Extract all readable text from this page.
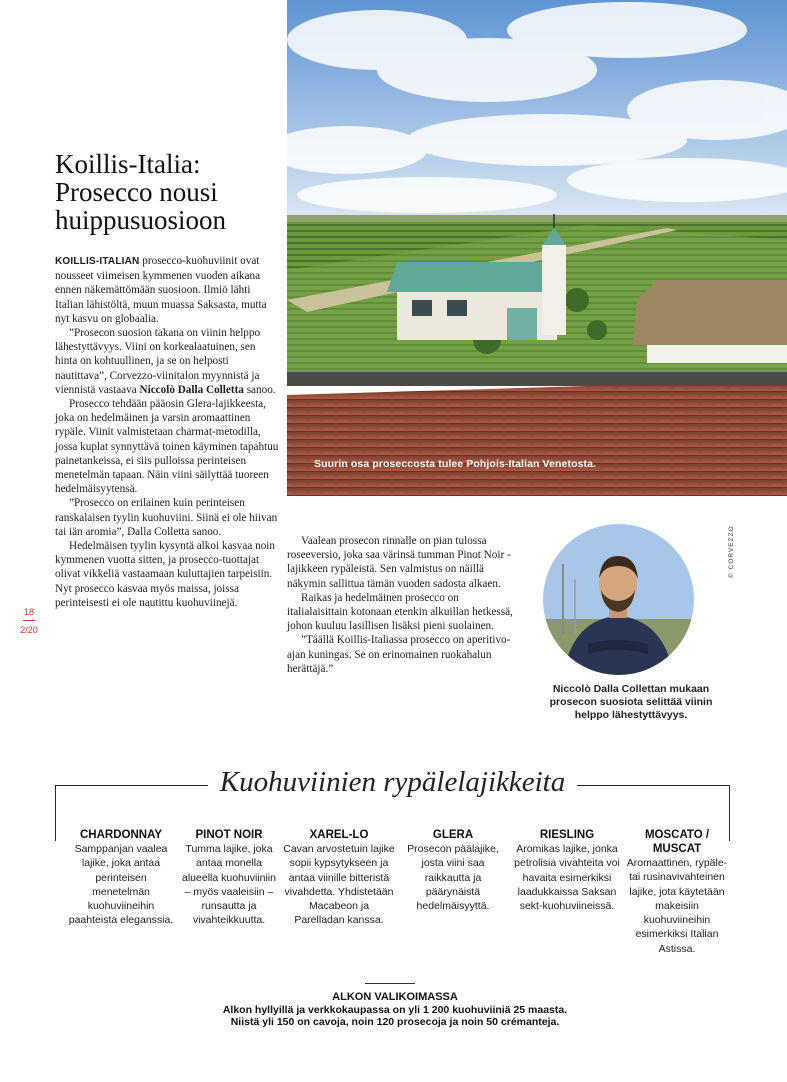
Suurin osa proseccosta tulee Pohjois-Italian Venetosta.
Koillis-Italia: Prosecco nousi huippusuosioon

KOILLIS-ITALIAN prosecco-kuohuviinit ovat nousseet viimeisen kymmenen vuoden aikana ennen näkemättömään suosioon. Ilmiö lähti Italian lähistöltä, muun muassa Saksasta, mutta nyt kasvu on globaalia.

”Prosecon suosion takana on viinin helppo lähestyttävyys. Viini on korkealaatuinen, sen hinta on kohtuullinen, ja se on helposti nautittava”, Corvezzo-viinitalon myynnistä ja viennistä vastaava Niccolò Dalla Colletta sanoo.

Prosecco tehdään pääosin Glera-lajikkeesta, joka on hedelmäinen ja varsin aromaattinen rypäle. Viinit valmistetaan charmat-metodilla, jossa kuplat synnyttävä toinen käyminen tapahtuu painetankeissa, ei siis pulloissa perinteisen menetelmän tapaan. Näin viini säilyttää tuoreen hedelmäisyytensä.

”Prosecco on erilainen kuin perinteisen ranskalaisen tyylin kuohuviini. Siinä ei ole hiivan tai iän aromia”, Dalla Colletta sanoo.

Hedelmäisen tyylin kysyntä alkoi kasvaa noin kymmenen vuotta sitten, ja prosecco-tuottajat olivat vikkeliä vastaamaan kuluttajien tarpeisiin. Nyt prosecco kasvaa myös maissa, joissa perinteisesti ei ole nautittu kuohuviinejä.

18
2/20

Vaalean prosecon rinnalle on pian tulossa roseeversio, joka saa värinsä tumman Pinot Noir -lajikkeen rypäleistä. Sen valmistus on näillä näkymin sallittua tämän vuoden sadosta alkaen.

Raikas ja hedelmäinen prosecco on italialaisittain kotonaan etenkin alkuillan hetkessä, johon kuuluu lasillisen lisäksi pieni suolainen.

”Täällä Koillis-Italiassa prosecco on aperitivo-ajan kuningas. Se on erinomainen ruokahalun herättäjä.”

© CORVEZZO
Niccolò Dalla Collettan mukaan prosecon suosiota selittää viinin helppo lähestyttävyys.
Kuohuviinien rypälelajikkeita
CHARDONNAY

Samppanjan vaalea lajike, joka antaa perinteisen menetelmän kuohuviineihin paahteista eleganssia.

PINOT NOIR

Tumma lajike, joka antaa monella alueella kuohuviiniin – myös vaaleisiin – runsautta ja vivahteikkuutta.

XAREL-LO

Cavan arvostetuin lajike sopii kypsytykseen ja antaa viinille bitteristä vivahdetta. Yhdistetään Macabeon ja Parelladan kanssa.

GLERA

Prosecon päälajike, josta viini saa raikkautta ja päärynäistä hedelmäisyyttä.

RIESLING

Aromikas lajike, jonka petrolisia vivahteita voi havaita esimerkiksi laadukkaissa Saksan sekt-kuohuviineissä.

MOSCATO / MUSCAT

Aromaattinen, rypäle- tai rusinavivahteinen lajike, jota käytetään makeisiin kuohuviineihin esimerkiksi Italian Astissa.

ALKON VALIKOIMASSA
Alkon hyllyillä ja verkkokaupassa on yli 1 200 kuohuviiniä 25 maasta.
Niistä yli 150 on cavoja, noin 120 prosecoja ja noin 50 crémanteja.
